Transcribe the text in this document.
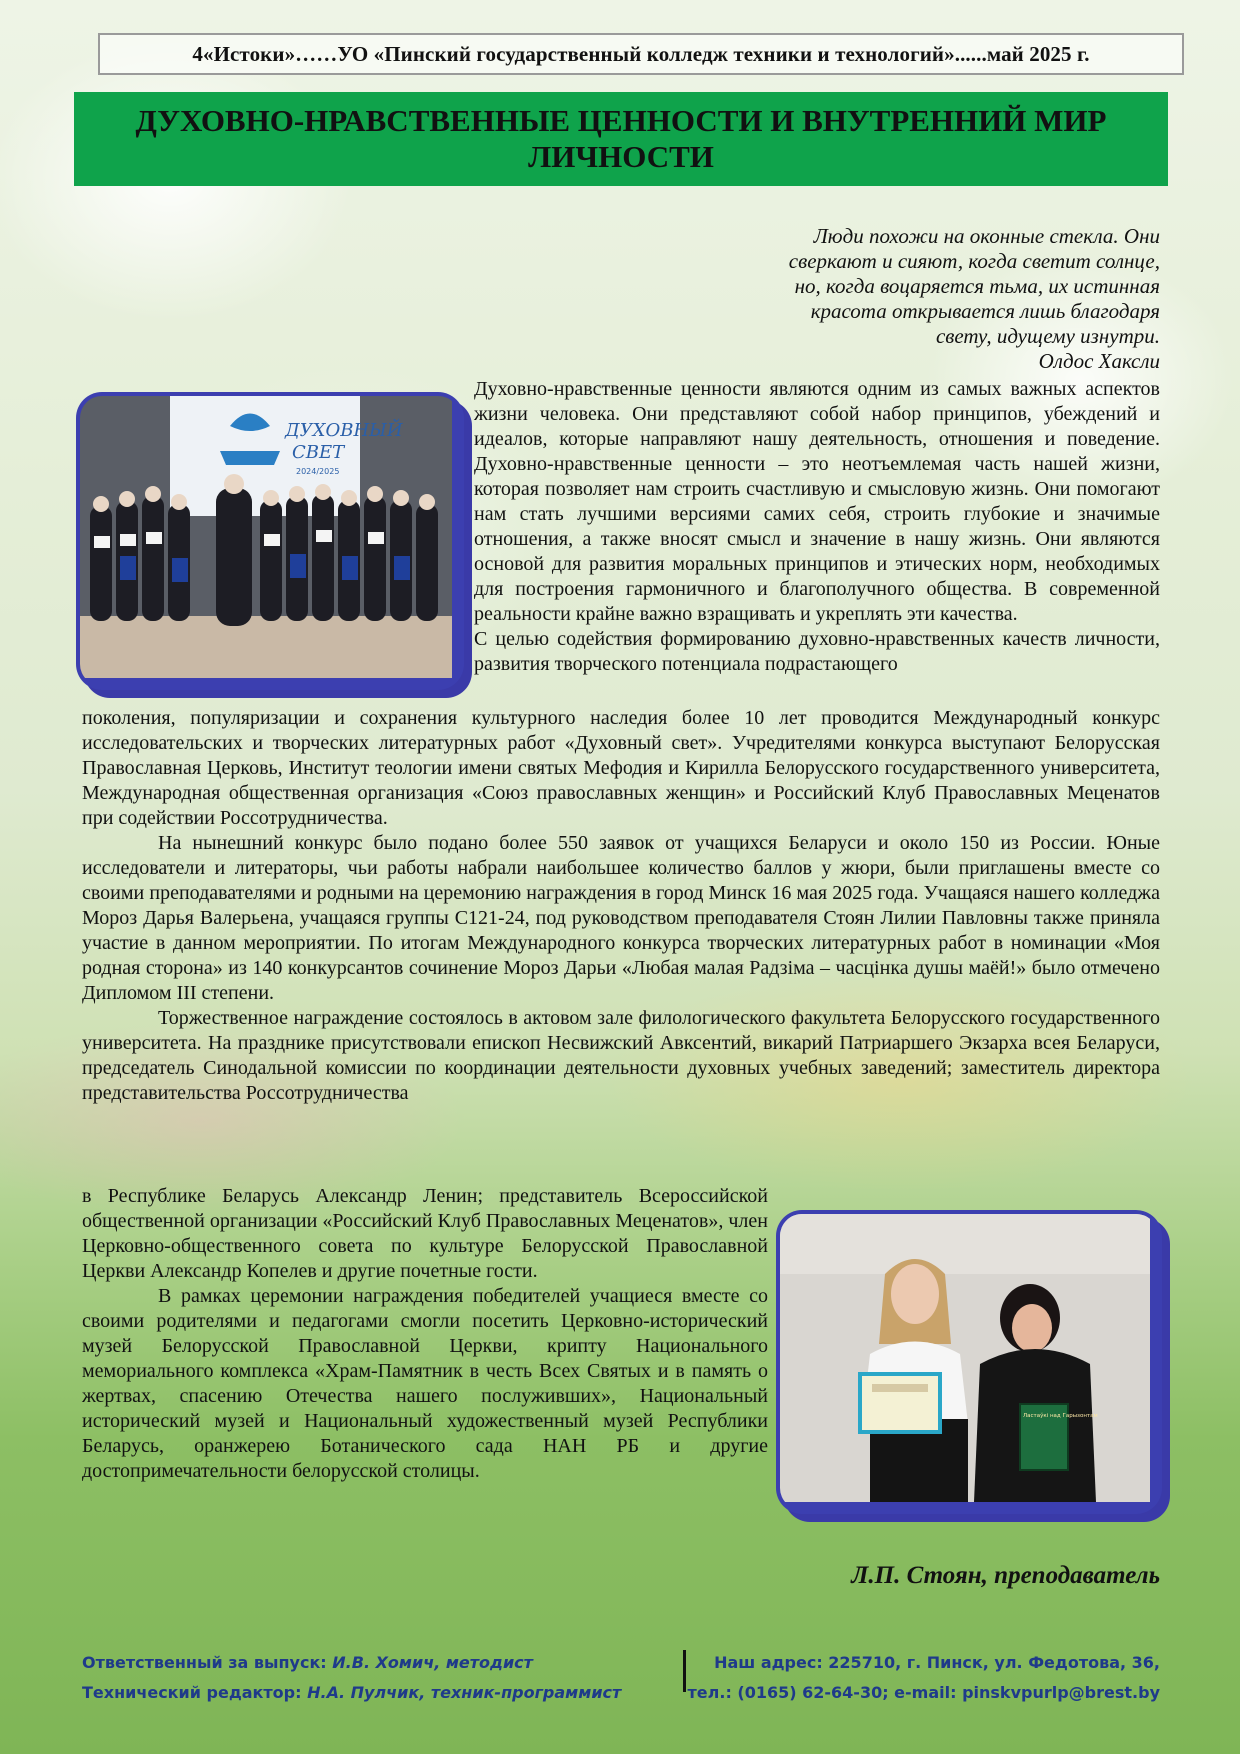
4«Истоки»……УО «Пинский государственный колледж техники и технологий»......май 2025 г.
ДУХОВНО-НРАВСТВЕННЫЕ ЦЕННОСТИ И ВНУТРЕННИЙ МИР
ЛИЧНОСТИ
Люди похожи на оконные стекла. Они
сверкают и сияют, когда светит солнце,
но, когда воцаряется тьма, их истинная
красота открывается лишь благодаря
свету, идущему изнутри.
Олдос Хаксли
ДУХОВНЫЙ
СВЕТ
2024/2025

Духовно-нравственные ценности являются одним из самых важных аспектов жизни человека. Они представляют собой набор принципов, убеждений и идеалов, которые направляют нашу деятельность, отношения и поведение. Духовно-нравственные ценности – это неотъемлемая часть нашей жизни, которая позволяет нам строить счастливую и смысловую жизнь. Они помогают нам стать лучшими версиями самих себя, строить глубокие и значимые отношения, а также вносят смысл и значение в нашу жизнь. Они являются основой для развития моральных принципов и этических норм, необходимых для построения гармоничного и благополучного общества. В современной реальности крайне важно взращивать и укреплять эти качества.

С целью содействия формированию духовно-нравственных качеств личности, развития творческого потенциала подрастающего

поколения, популяризации и сохранения культурного наследия более 10 лет проводится Международный конкурс исследовательских и творческих литературных работ «Духовный свет». Учредителями конкурса выступают Белорусская Православная Церковь, Институт теологии имени святых Мефодия и Кирилла Белорусского государственного университета, Международная общественная организация «Союз православных женщин» и Российский Клуб Православных Меценатов при содействии Россотрудничества.

На нынешний конкурс было подано более 550 заявок от учащихся Беларуси и около 150 из России. Юные исследователи и литераторы, чьи работы набрали наибольшее количество баллов у жюри, были приглашены вместе со своими преподавателями и родными на церемонию награждения в город Минск 16 мая 2025 года. Учащаяся нашего колледжа Мороз Дарья Валерьена, учащаяся группы С121-24, под руководством преподавателя Стоян Лилии Павловны также приняла участие в данном мероприятии. По итогам Международного конкурса творческих литературных работ в номинации «Моя родная сторона» из 140 конкурсантов сочинение Мороз Дарьи «Любая малая Радзіма – часцінка душы маёй!» было отмечено Дипломом III степени.

Торжественное награждение состоялось в актовом зале филологического факультета Белорусского государственного университета. На празднике присутствовали епископ Несвижский Авксентий, викарий Патриаршего Экзарха всея Беларуси, председатель Синодальной комиссии по координации деятельности духовных учебных заведений; заместитель директора представительства Россотрудничества

в Республике Беларусь Александр Ленин; представитель Всероссийской общественной организации «Российский Клуб Православных Меценатов», член Церковно-общественного совета по культуре Белорусской Православной Церкви Александр Копелев и другие почетные гости.

В рамках церемонии награждения победителей учащиеся вместе со своими родителями и педагогами смогли посетить Церковно-исторический музей Белорусской Православной Церкви, крипту Национального мемориального комплекса «Храм-Памятник в честь Всех Святых и в память о жертвах, спасению Отечества нашего послуживших», Национальный исторический музей и Национальный художественный музей Республики Беларусь, оранжерею Ботанического сада НАН РБ и другие достопримечательности белорусской столицы.

Ластаўкі над Гарызонтам
Л.П. Стоян, преподаватель
Ответственный за выпуск: И.В. Хомич, методист
Технический редактор: Н.А. Пулчик, техник-программист
Наш адрес: 225710, г. Пинск, ул. Федотова, 36,
тел.: (0165) 62-64-30; e-mail: pinskvpurlp@brest.by
